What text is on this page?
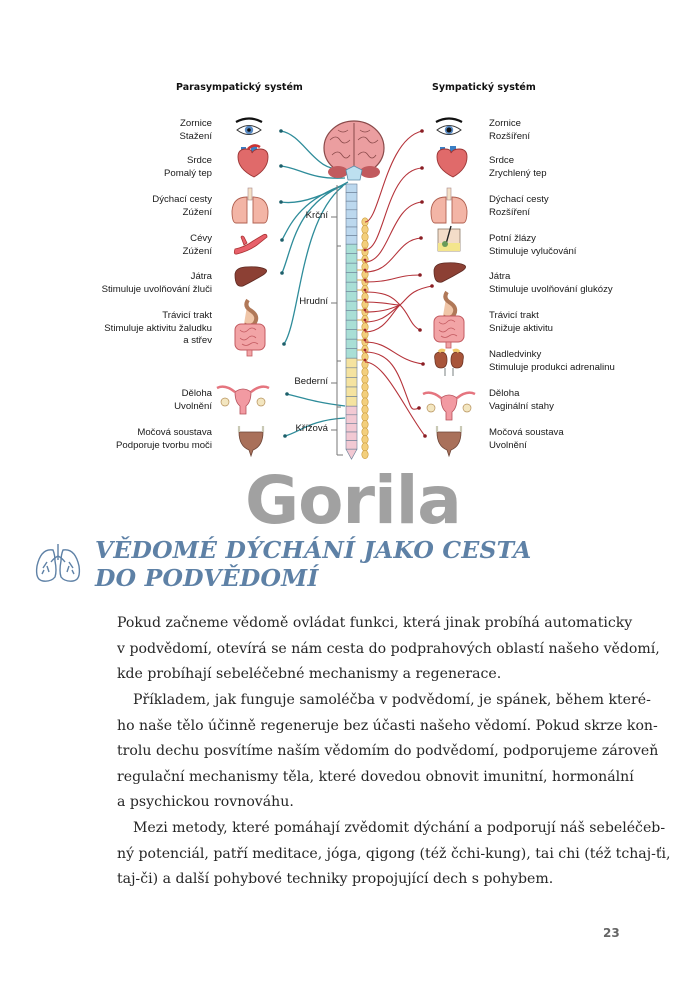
Parasympatický systém	Sympatický systém
Zornice
Stažení
Srdce
Pomalý tep
Dýchací cesty
Zúžení
Cévy
Zúžení
Játra
Stimuluje uvolňování žluči
Trávicí trakt
Stimuluje aktivitu žaludku
a střev
Děloha
Uvolnění
Močová soustava
Podporuje tvorbu moči
Zornice
Rozšíření
Srdce
Zrychlený tep
Dýchací cesty
Rozšíření
Potní žlázy
Stimuluje vylučování
Játra
Stimuluje uvolňování glukózy
Trávicí trakt
Snižuje aktivitu
Nadledvinky
Stimuluje produkci adrenalinu
Děloha
Vaginální stahy
Močová soustava
Uvolnění
Krční
Hrudní
Bederní
Křížová
Gorila
VĚDOMÉ DÝCHÁNÍ JAKO CESTA
DO PODVĚDOMÍ
Pokud začneme vědomě ovládat funkci, která jinak probíhá automaticky
v podvědomí, otevírá se nám cesta do podprahových oblastí našeho vědomí,
kde probíhají sebeléčebné mechanismy a regenerace.
Příkladem, jak funguje samoléčba v podvědomí, je spánek, během které-
ho naše tělo účinně regeneruje bez účasti našeho vědomí. Pokud skrze kon-
trolu dechu posvítíme naším vědomím do podvědomí, podporujeme zároveň
regulační mechanismy těla, které dovedou obnovit imunitní, hormonální
a psychickou rovnováhu.
Mezi metody, které pomáhají zvědomit dýchání a podporují náš sebeléčeb-
ný potenciál, patří meditace, jóga, qigong (též čchi-kung), tai chi (též tchaj-ťi,
taj-či) a další pohybové techniky propojující dech s pohybem.
23
